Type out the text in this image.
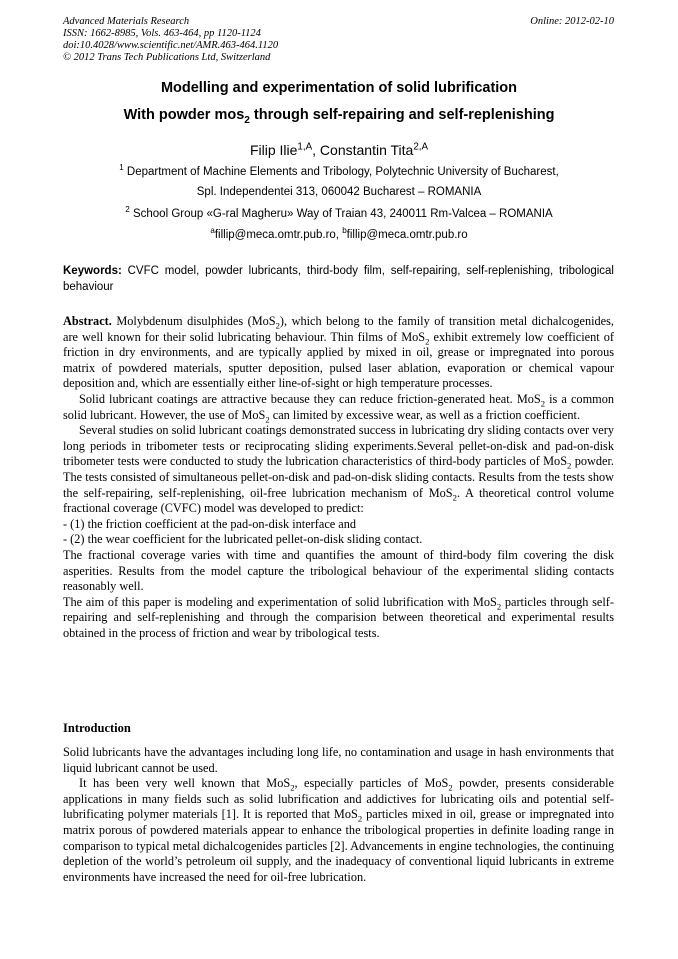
Advanced Materials Research
ISSN: 1662-8985, Vols. 463-464, pp 1120-1124
doi:10.4028/www.scientific.net/AMR.463-464.1120
© 2012 Trans Tech Publications Ltd, Switzerland
Online: 2012-02-10
Modelling and experimentation of solid lubrification
With powder mos$_2$ through self-repairing and self-replenishing
Filip Ilie$^{1,A}$, Constantin Tita$^{2,A}$
$^1$ Department of Machine Elements and Tribology, Polytechnic University of Bucharest,
Spl. Independentei 313, 060042 Bucharest – ROMANIA
$^2$ School Group «G-ral Magheru» Way of Traian 43, 240011 Rm-Valcea – ROMANIA
$^a$fillip@meca.omtr.pub.ro, $^b$fillip@meca.omtr.pub.ro
Keywords: CVFC model, powder lubricants, third-body film, self-repairing, self-replenishing, tribological behaviour

Abstract. Molybdenum disulphides (MoS$_2$), which belong to the family of transition metal dichalcogenides, are well known for their solid lubricating behaviour. Thin films of MoS$_2$ exhibit extremely low coefficient of friction in dry environments, and are typically applied by mixed in oil, grease or impregnated into porous matrix of powdered materials, sputter deposition, pulsed laser ablation, evaporation or chemical vapour deposition and, which are essentially either line-of-sight or high temperature processes.

Solid lubricant coatings are attractive because they can reduce friction-generated heat. MoS$_2$ is a common solid lubricant. However, the use of MoS$_2$ can limited by excessive wear, as well as a friction coefficient.

Several studies on solid lubricant coatings demonstrated success in lubricating dry sliding contacts over very long periods in tribometer tests or reciprocating sliding experiments.Several pellet-on-disk and pad-on-disk tribometer tests were conducted to study the lubrication characteristics of third-body particles of MoS$_2$ powder. The tests consisted of simultaneous pellet-on-disk and pad-on-disk sliding contacts. Results from the tests show the self-repairing, self-replenishing, oil-free lubrication mechanism of MoS$_2$. A theoretical control volume fractional coverage (CVFC) model was developed to predict:

- (1) the friction coefficient at the pad-on-disk interface and

- (2) the wear coefficient for the lubricated pellet-on-disk sliding contact.

The fractional coverage varies with time and quantifies the amount of third-body film covering the disk asperities. Results from the model capture the tribological behaviour of the experimental sliding contacts reasonably well.

The aim of this paper is modeling and experimentation of solid lubrification with MoS$_2$ particles through self-repairing and self-replenishing and through the comparision between theoretical and experimental results obtained in the process of friction and wear by tribological tests.

Introduction

Solid lubricants have the advantages including long life, no contamination and usage in hash environments that liquid lubricant cannot be used.

It has been very well known that MoS$_2$, especially particles of MoS$_2$ powder, presents considerable applications in many fields such as solid lubrification and addictives for lubricating oils and potential self-lubrificating polymer materials [1]. It is reported that MoS$_2$ particles mixed in oil, grease or impregnated into matrix porous of powdered materials appear to enhance the tribological properties in definite loading range in comparison to typical metal dichalcogenides particles [2]. Advancements in engine technologies, the continuing depletion of the world’s petroleum oil supply, and the inadequacy of conventional liquid lubricants in extreme environments have increased the need for oil-free lubrication.
